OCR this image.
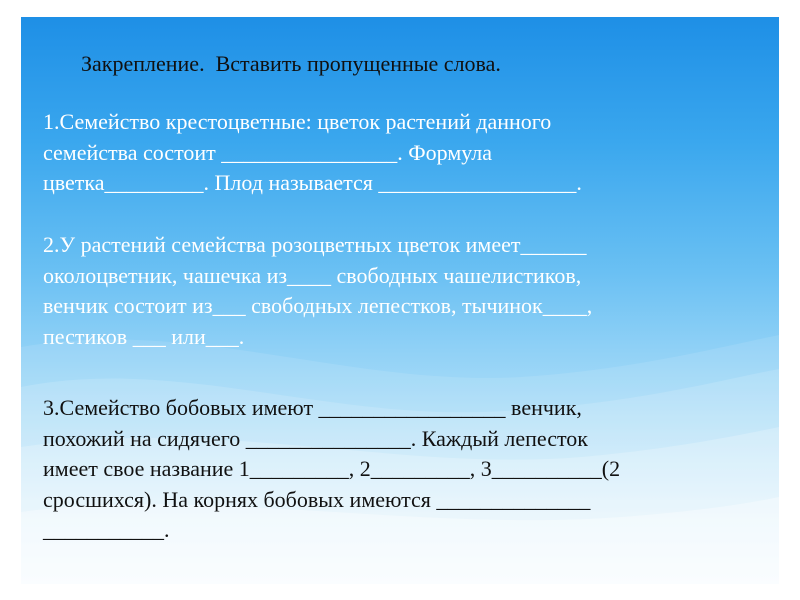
Закрепление.  Вставить пропущенные слова.
1.Семейство крестоцветные: цветок растений данного
семейства состоит ________________. Формула
цветка_________. Плод называется __________________.
2.У растений семейства розоцветных цветок имеет______
околоцветник, чашечка из____ свободных чашелистиков,
венчик состоит из___ свободных лепестков, тычинок____,
пестиков ___ или___.
3.Семейство бобовых имеют _________________ венчик,
похожий на сидячего _______________. Каждый лепесток
имеет свое название 1_________, 2_________, 3__________(2
сросшихся). На корнях бобовых имеются ______________
___________.
